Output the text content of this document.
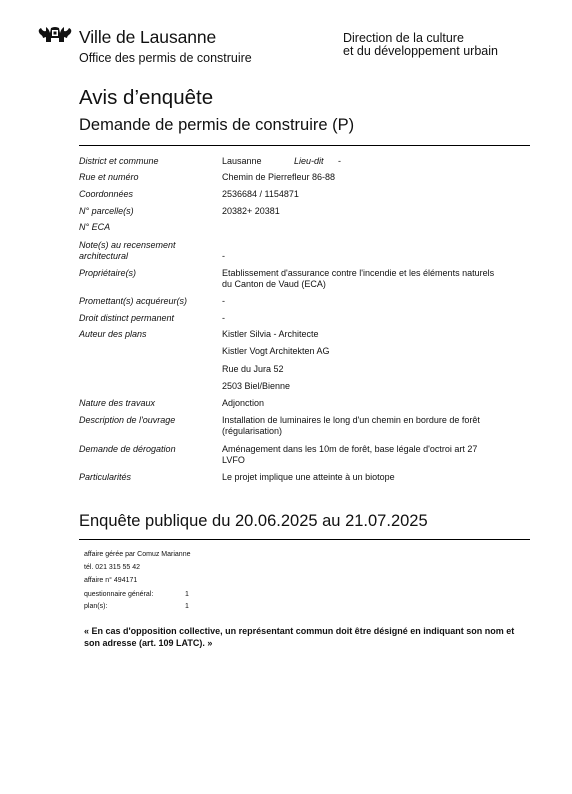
Ville de Lausanne
Office des permis de construire
Direction de la culture
et du développement urbain
Avis d’enquête
Demande de permis de construire (P)
District et commune	Lausanne	Lieu-dit -
Rue et numéro	Chemin de Pierrefleur 86-88
Coordonnées	2536684 / 1154871
N° parcelle(s)	20382+ 20381
N° ECA
Note(s) au recensement
architectural	-
Propriétaire(s)	Etablissement d'assurance contre l'incendie et les éléments naturels
du Canton de Vaud (ECA)
Promettant(s) acquéreur(s)	-
Droit distinct permanent	-
Auteur des plans	Kistler Silvia - Architecte
Kistler Vogt Architekten AG
Rue du Jura 52
2503 Biel/Bienne
Nature des travaux	Adjonction
Description de l'ouvrage	Installation de luminaires le long d'un chemin en bordure de forêt
(régularisation)
Demande de dérogation	Aménagement dans les 10m de forêt, base légale d'octroi art 27
LVFO
Particularités	Le projet implique une atteinte à un biotope
Enquête publique du 20.06.2025 au 21.07.2025
affaire gérée par Comuz Marianne
tél. 021 315 55 42
affaire n° 494171
questionnaire général:	1
plan(s):	1
« En cas d'opposition collective, un représentant commun doit être désigné en indiquant son nom et son adresse (art. 109 LATC). »
